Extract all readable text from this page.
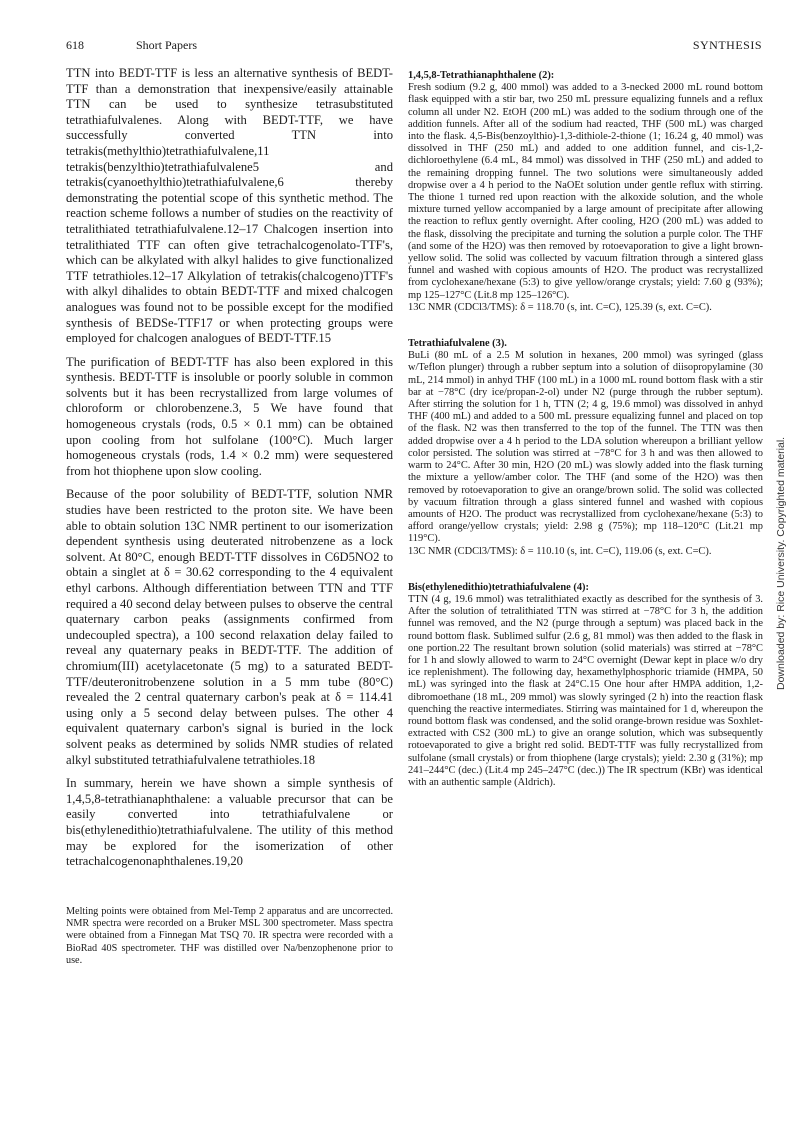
618	Short Papers	SYNTHESIS

TTN into BEDT-TTF is less an alternative synthesis of BEDT-TTF than a demonstration that inexpensive/easily attainable TTN can be used to synthesize tetrasubstituted tetrathiafulvalenes. Along with BEDT-TTF, we have successfully converted TTN into tetrakis(methylthio)tetrathiafulvalene,11 tetrakis(benzylthio)tetrathiafulvalene5 and tetrakis(cyanoethylthio)tetrathiafulvalene,6 thereby demonstrating the potential scope of this synthetic method. The reaction scheme follows a number of studies on the reactivity of tetralithiated tetrathiafulvalene.12–17 Chalcogen insertion into tetralithiated TTF can often give tetrachalcogenolato-TTF's, which can be alkylated with alkyl halides to give functionalized TTF tetrathioles.12–17 Alkylation of tetrakis(chalcogeno)TTF's with alkyl dihalides to obtain BEDT-TTF and mixed chalcogen analogues was found not to be possible except for the modified synthesis of BEDSe-TTF17 or when protecting groups were employed for chalcogen analogues of BEDT-TTF.15

The purification of BEDT-TTF has also been explored in this synthesis. BEDT-TTF is insoluble or poorly soluble in common solvents but it has been recrystallized from large volumes of chloroform or chlorobenzene.3, 5 We have found that homogeneous crystals (rods, 0.5 × 0.1 mm) can be obtained upon cooling from hot sulfolane (100°C). Much larger homogeneous crystals (rods, 1.4 × 0.2 mm) were sequestered from hot thiophene upon slow cooling.

Because of the poor solubility of BEDT-TTF, solution NMR studies have been restricted to the proton site. We have been able to obtain solution 13C NMR pertinent to our isomerization dependent synthesis using deuterated nitrobenzene as a lock solvent. At 80°C, enough BEDT-TTF dissolves in C6D5NO2 to obtain a singlet at δ = 30.62 corresponding to the 4 equivalent ethyl carbons. Although differentiation between TTN and TTF required a 40 second delay between pulses to observe the central quaternary carbon peaks (assignments confirmed from undecoupled spectra), a 100 second relaxation delay failed to reveal any quaternary peaks in BEDT-TTF. The addition of chromium(III) acetylacetonate (5 mg) to a saturated BEDT-TTF/deuteronitrobenzene solution in a 5 mm tube (80°C) revealed the 2 central quaternary carbon's peak at δ = 114.41 using only a 5 second delay between pulses. The other 4 equivalent quaternary carbon's signal is buried in the lock solvent peaks as determined by solids NMR studies of related alkyl substituted tetrathiafulvalene tetrathioles.18

In summary, herein we have shown a simple synthesis of 1,4,5,8-tetrathianaphthalene: a valuable precursor that can be easily converted into tetrathiafulvalene or bis(ethylenedithio)tetrathiafulvalene. The utility of this method may be explored for the isomerization of other tetrachalcogenonaphthalenes.19,20

Melting points were obtained from Mel-Temp 2 apparatus and are uncorrected. NMR spectra were recorded on a Bruker MSL 300 spectrometer. Mass spectra were obtained from a Finnegan Mat TSQ 70. IR spectra were recorded with a BioRad 40S spectrometer. THF was distilled over Na/benzophenone prior to use.

1,4,5,8-Tetrathianaphthalene (2):

Fresh sodium (9.2 g, 400 mmol) was added to a 3-necked 2000 mL round bottom flask equipped with a stir bar, two 250 mL pressure equalizing funnels and a reflux column all under N2. EtOH (200 mL) was added to the sodium through one of the addition funnels. After all of the sodium had reacted, THF (500 mL) was charged into the flask. 4,5-Bis(benzoylthio)-1,3-dithiole-2-thione (1; 16.24 g, 40 mmol) was dissolved in THF (250 mL) and added to one addition funnel, and cis-1,2-dichloroethylene (6.4 mL, 84 mmol) was dissolved in THF (250 mL) and added to the remaining dropping funnel. The two solutions were simultaneously added dropwise over a 4 h period to the NaOEt solution under gentle reflux with stirring. The thione 1 turned red upon reaction with the alkoxide solution, and the whole mixture turned yellow accompanied by a large amount of precipitate after allowing the reaction to reflux gently overnight. After cooling, H2O (200 mL) was added to the flask, dissolving the precipitate and turning the solution a purple color. The THF (and some of the H2O) was then removed by rotoevaporation to give a light brown-yellow solid. The solid was collected by vacuum filtration through a sintered glass funnel and washed with copious amounts of H2O. The product was recrystallized from cyclohexane/hexane (5:3) to give yellow/orange crystals; yield: 7.60 g (93%); mp 125–127°C (Lit.8 mp 125–126°C).

13C NMR (CDCl3/TMS): δ = 118.70 (s, int. C=C), 125.39 (s, ext. C=C).

Tetrathiafulvalene (3).

BuLi (80 mL of a 2.5 M solution in hexanes, 200 mmol) was syringed (glass w/Teflon plunger) through a rubber septum into a solution of diisopropylamine (30 mL, 214 mmol) in anhyd THF (100 mL) in a 1000 mL round bottom flask with a stir bar at −78°C (dry ice/propan-2-ol) under N2 (purge through the rubber septum). After stirring the solution for 1 h, TTN (2; 4 g, 19.6 mmol) was dissolved in anhyd THF (400 mL) and added to a 500 mL pressure equalizing funnel and placed on top of the flask. N2 was then transferred to the top of the funnel. The TTN was then added dropwise over a 4 h period to the LDA solution whereupon a brilliant yellow color persisted. The solution was stirred at −78°C for 3 h and was then allowed to warm to 24°C. After 30 min, H2O (20 mL) was slowly added into the flask turning the mixture a yellow/amber color. The THF (and some of the H2O) was then removed by rotoevaporation to give an orange/brown solid. The solid was collected by vacuum filtration through a glass sintered funnel and washed with copious amounts of H2O. The product was recrystallized from cyclohexane/hexane (5:3) to afford orange/yellow crystals; yield: 2.98 g (75%); mp 118–120°C (Lit.21 mp 119°C).

13C NMR (CDCl3/TMS): δ = 110.10 (s, int. C=C), 119.06 (s, ext. C=C).

Bis(ethylenedithio)tetrathiafulvalene (4):

TTN (4 g, 19.6 mmol) was tetralithiated exactly as described for the synthesis of 3. After the solution of tetralithiated TTN was stirred at −78°C for 3 h, the addition funnel was removed, and the N2 (purge through a septum) was placed back in the round bottom flask. Sublimed sulfur (2.6 g, 81 mmol) was then added to the flask in one portion.22 The resultant brown solution (solid materials) was stirred at −78°C for 1 h and slowly allowed to warm to 24°C overnight (Dewar kept in place w/o dry ice replenishment). The following day, hexamethylphosphoric triamide (HMPA, 50 mL) was syringed into the flask at 24°C.15 One hour after HMPA addition, 1,2-dibromoethane (18 mL, 209 mmol) was slowly syringed (2 h) into the reaction flask quenching the reactive intermediates. Stirring was maintained for 1 d, whereupon the round bottom flask was condensed, and the solid orange-brown residue was Soxhlet-extracted with CS2 (300 mL) to give an orange solution, which was subsequently rotoevaporated to give a bright red solid. BEDT-TTF was fully recrystallized from sulfolane (small crystals) or from thiophene (large crystals); yield: 2.30 g (31%); mp 241–244°C (dec.) (Lit.4 mp 245–247°C (dec.)) The IR spectrum (KBr) was identical with an authentic sample (Aldrich).

Downloaded by: Rice University. Copyrighted material.
